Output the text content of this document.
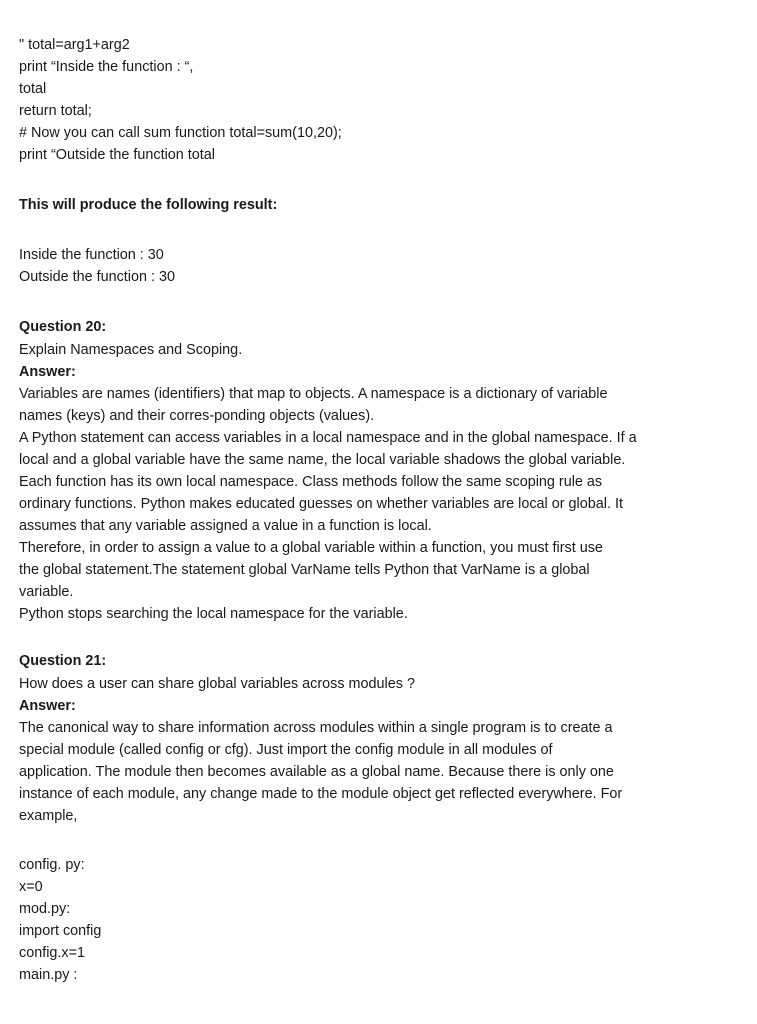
" total=arg1+arg2
print “Inside the function : “,
total
return total;
# Now you can call sum function total=sum(10,20);
print “Outside the function total
This will produce the following result:
Inside the function : 30
Outside the function : 30
Question 20:
Explain Namespaces and Scoping.
Answer:
Variables are names (identifiers) that map to objects. A namespace is a dictionary of variable
names (keys) and their corres-ponding objects (values).
A Python statement can access variables in a local namespace and in the global namespace. If a
local and a global variable have the same name, the local variable shadows the global variable.
Each function has its own local namespace. Class methods follow the same scoping rule as
ordinary functions. Python makes educated guesses on whether variables are local or global. It
assumes that any variable assigned a value in a function is local.
Therefore, in order to assign a value to a global variable within a function, you must first use
the global statement.The statement global VarName tells Python that VarName is a global
variable.
Python stops searching the local namespace for the variable.
Question 21:
How does a user can share global variables across modules ?
Answer:
The canonical way to share information across modules within a single program is to create a
special module (called config or cfg). Just import the config module in all modules of
application. The module then becomes available as a global name. Because there is only one
instance of each module, any change made to the module object get reflected everywhere. For
example,
config. py:
x=0
mod.py:
import config
config.x=1
main.py :
